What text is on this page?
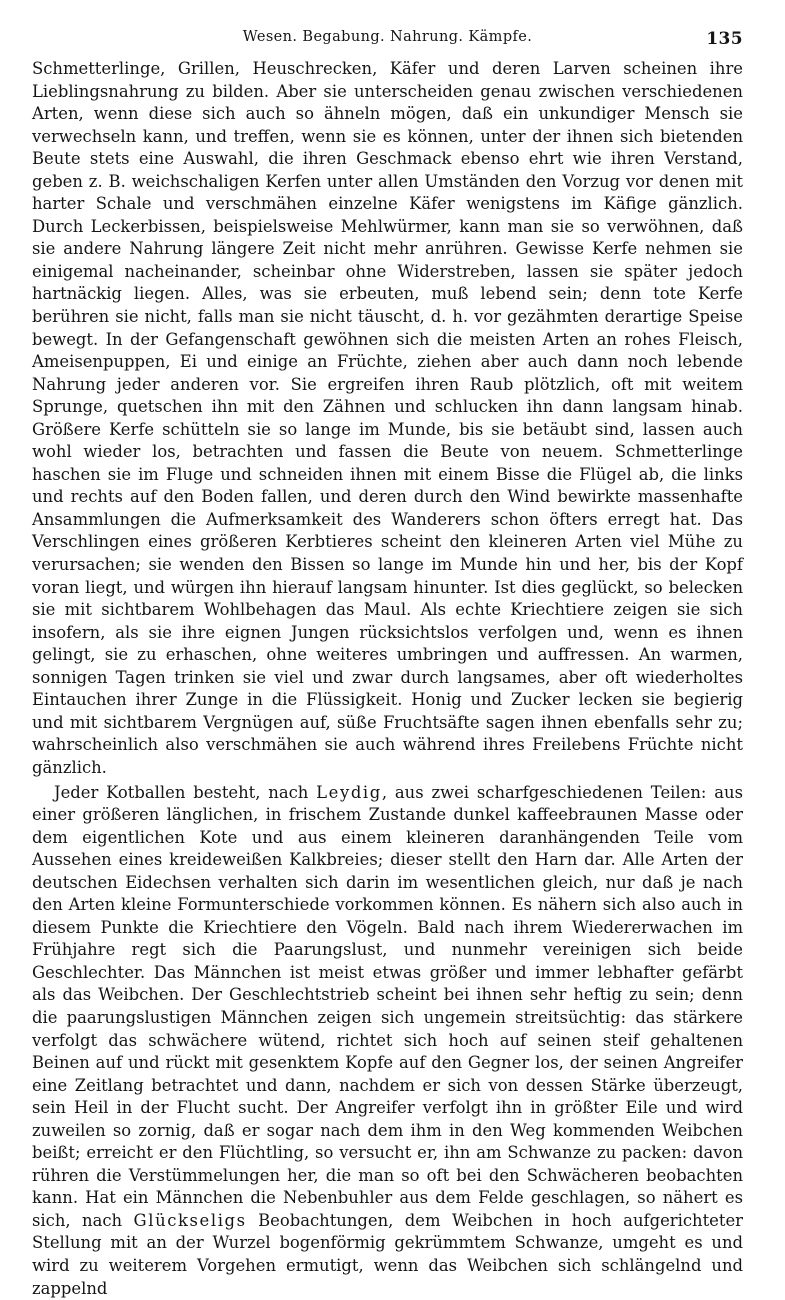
Wesen. Begabung. Nahrung. Kämpfe.	135

Schmetterlinge, Grillen, Heuschrecken, Käfer und deren Larven scheinen ihre Lieblingsnahrung zu bilden. Aber sie unterscheiden genau zwischen verschiedenen Arten, wenn diese sich auch so ähneln mögen, daß ein unkundiger Mensch sie verwechseln kann, und treffen, wenn sie es können, unter der ihnen sich bietenden Beute stets eine Auswahl, die ihren Geschmack ebenso ehrt wie ihren Verstand, geben z. B. weichschaligen Kerfen unter allen Umständen den Vorzug vor denen mit harter Schale und verschmähen einzelne Käfer wenigstens im Käfige gänzlich. Durch Leckerbissen, beispielsweise Mehlwürmer, kann man sie so verwöhnen, daß sie andere Nahrung längere Zeit nicht mehr anrühren. Gewisse Kerfe nehmen sie einigemal nacheinander, scheinbar ohne Widerstreben, lassen sie später jedoch hartnäckig liegen. Alles, was sie erbeuten, muß lebend sein; denn tote Kerfe berühren sie nicht, falls man sie nicht täuscht, d. h. vor gezähmten derartige Speise bewegt. In der Gefangenschaft gewöhnen sich die meisten Arten an rohes Fleisch, Ameisenpuppen, Ei und einige an Früchte, ziehen aber auch dann noch lebende Nahrung jeder anderen vor. Sie ergreifen ihren Raub plötzlich, oft mit weitem Sprunge, quetschen ihn mit den Zähnen und schlucken ihn dann langsam hinab. Größere Kerfe schütteln sie so lange im Munde, bis sie betäubt sind, lassen auch wohl wieder los, betrachten und fassen die Beute von neuem. Schmetterlinge haschen sie im Fluge und schneiden ihnen mit einem Bisse die Flügel ab, die links und rechts auf den Boden fallen, und deren durch den Wind bewirkte massenhafte Ansammlungen die Aufmerksamkeit des Wanderers schon öfters erregt hat. Das Verschlingen eines größeren Kerbtieres scheint den kleineren Arten viel Mühe zu verursachen; sie wenden den Bissen so lange im Munde hin und her, bis der Kopf voran liegt, und würgen ihn hierauf langsam hinunter. Ist dies geglückt, so belecken sie mit sichtbarem Wohlbehagen das Maul. Als echte Kriechtiere zeigen sie sich insofern, als sie ihre eignen Jungen rücksichtslos verfolgen und, wenn es ihnen gelingt, sie zu erhaschen, ohne weiteres umbringen und auffressen. An warmen, sonnigen Tagen trinken sie viel und zwar durch langsames, aber oft wiederholtes Eintauchen ihrer Zunge in die Flüssigkeit. Honig und Zucker lecken sie begierig und mit sichtbarem Vergnügen auf, süße Fruchtsäfte sagen ihnen ebenfalls sehr zu; wahrscheinlich also verschmähen sie auch während ihres Freilebens Früchte nicht gänzlich.

Jeder Kotballen besteht, nach Leydig, aus zwei scharfgeschiedenen Teilen: aus einer größeren länglichen, in frischem Zustande dunkel kaffeebraunen Masse oder dem eigentlichen Kote und aus einem kleineren daranhängenden Teile vom Aussehen eines kreideweißen Kalkbreies; dieser stellt den Harn dar. Alle Arten der deutschen Eidechsen verhalten sich darin im wesentlichen gleich, nur daß je nach den Arten kleine Formunterschiede vorkommen können. Es nähern sich also auch in diesem Punkte die Kriechtiere den Vögeln. Bald nach ihrem Wiedererwachen im Frühjahre regt sich die Paarungslust, und nunmehr vereinigen sich beide Geschlechter. Das Männchen ist meist etwas größer und immer lebhafter gefärbt als das Weibchen. Der Geschlechtstrieb scheint bei ihnen sehr heftig zu sein; denn die paarungslustigen Männchen zeigen sich ungemein streitsüchtig: das stärkere verfolgt das schwächere wütend, richtet sich hoch auf seinen steif gehaltenen Beinen auf und rückt mit gesenktem Kopfe auf den Gegner los, der seinen Angreifer eine Zeitlang betrachtet und dann, nachdem er sich von dessen Stärke überzeugt, sein Heil in der Flucht sucht. Der Angreifer verfolgt ihn in größter Eile und wird zuweilen so zornig, daß er sogar nach dem ihm in den Weg kommenden Weibchen beißt; erreicht er den Flüchtling, so versucht er, ihn am Schwanze zu packen: davon rühren die Verstümmelungen her, die man so oft bei den Schwächeren beobachten kann. Hat ein Männchen die Nebenbuhler aus dem Felde geschlagen, so nähert es sich, nach Glückseligs Beobachtungen, dem Weibchen in hoch aufgerichteter Stellung mit an der Wurzel bogenförmig gekrümmtem Schwanze, umgeht es und wird zu weiterem Vorgehen ermutigt, wenn das Weibchen sich schlängelnd und zappelnd
